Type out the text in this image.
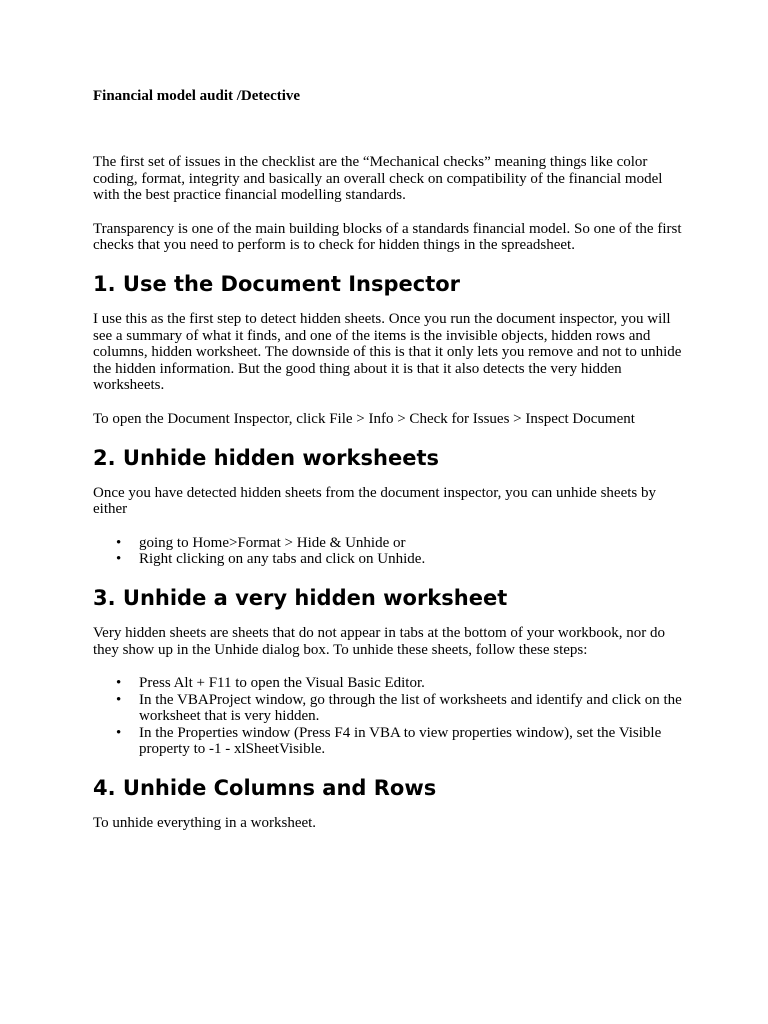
Financial model audit /Detective

The first set of issues in the checklist are the “Mechanical checks” meaning things like color coding, format, integrity and basically an overall check on compatibility of the financial model with the best practice financial modelling standards.

Transparency is one of the main building blocks of a standards financial model. So one of the first checks that you need to perform is to check for hidden things in the spreadsheet.

1. Use the Document Inspector

I use this as the first step to detect hidden sheets. Once you run the document inspector, you will see a summary of what it finds, and one of the items is the invisible objects, hidden rows and columns, hidden worksheet. The downside of this is that it only lets you remove and not to unhide the hidden information. But the good thing about it is that it also detects the very hidden worksheets.

To open the Document Inspector, click File > Info > Check for Issues > Inspect Document

2. Unhide hidden worksheets

Once you have detected hidden sheets from the document inspector, you can unhide sheets by either

• going to Home>Format > Hide & Unhide or
• Right clicking on any tabs and click on Unhide.
3. Unhide a very hidden worksheet

Very hidden sheets are sheets that do not appear in tabs at the bottom of your workbook, nor do they show up in the Unhide dialog box. To unhide these sheets, follow these steps:

• Press Alt + F11 to open the Visual Basic Editor.
• In the VBAProject window, go through the list of worksheets and identify and click on the worksheet that is very hidden.
• In the Properties window (Press F4 in VBA to view properties window), set the Visible property to -1 - xlSheetVisible.
4. Unhide Columns and Rows

To unhide everything in a worksheet.
